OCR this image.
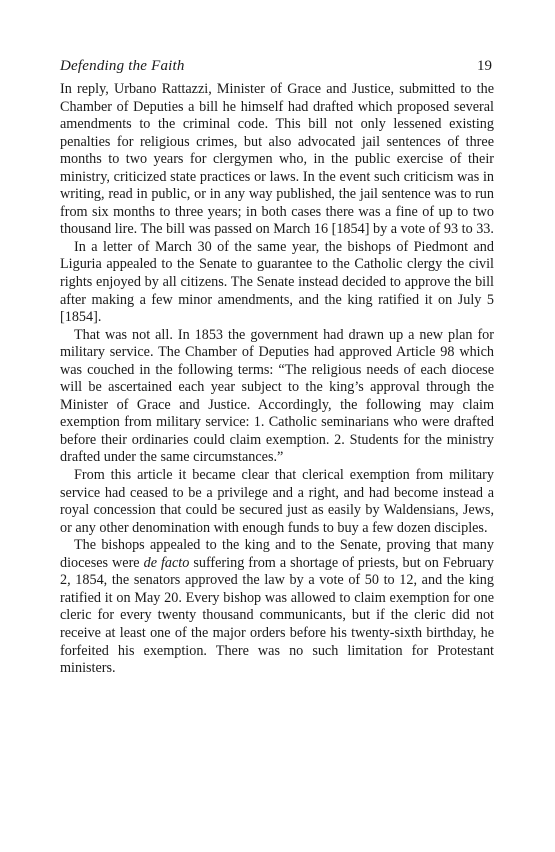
Defending the Faith	19

In reply, Urbano Rattazzi, Minister of Grace and Justice, submitted to the Chamber of Deputies a bill he himself had drafted which proposed several amendments to the criminal code. This bill not only lessened existing penalties for religious crimes, but also advocated jail sentences of three months to two years for clergymen who, in the public exercise of their ministry, criticized state practices or laws. In the event such criticism was in writing, read in public, or in any way published, the jail sentence was to run from six months to three years; in both cases there was a fine of up to two thousand lire. The bill was passed on March 16 [1854] by a vote of 93 to 33.

In a letter of March 30 of the same year, the bishops of Piedmont and Liguria appealed to the Senate to guarantee to the Catholic clergy the civil rights enjoyed by all citizens. The Senate instead decided to approve the bill after making a few minor amendments, and the king ratified it on July 5 [1854].

That was not all. In 1853 the government had drawn up a new plan for military service. The Chamber of Deputies had approved Article 98 which was couched in the following terms: “The religious needs of each diocese will be ascertained each year subject to the king’s approval through the Minister of Grace and Justice. Accordingly, the following may claim exemption from military service: 1. Catholic seminarians who were drafted before their ordinaries could claim exemption. 2. Students for the ministry drafted under the same circumstances.”

From this article it became clear that clerical exemption from military service had ceased to be a privilege and a right, and had become instead a royal concession that could be secured just as easily by Waldensians, Jews, or any other denomination with enough funds to buy a few dozen disciples.

The bishops appealed to the king and to the Senate, proving that many dioceses were de facto suffering from a shortage of priests, but on February 2, 1854, the senators approved the law by a vote of 50 to 12, and the king ratified it on May 20. Every bishop was allowed to claim exemption for one cleric for every twenty thousand communicants, but if the cleric did not receive at least one of the major orders before his twenty-sixth birthday, he forfeited his exemption. There was no such limitation for Protestant ministers.
